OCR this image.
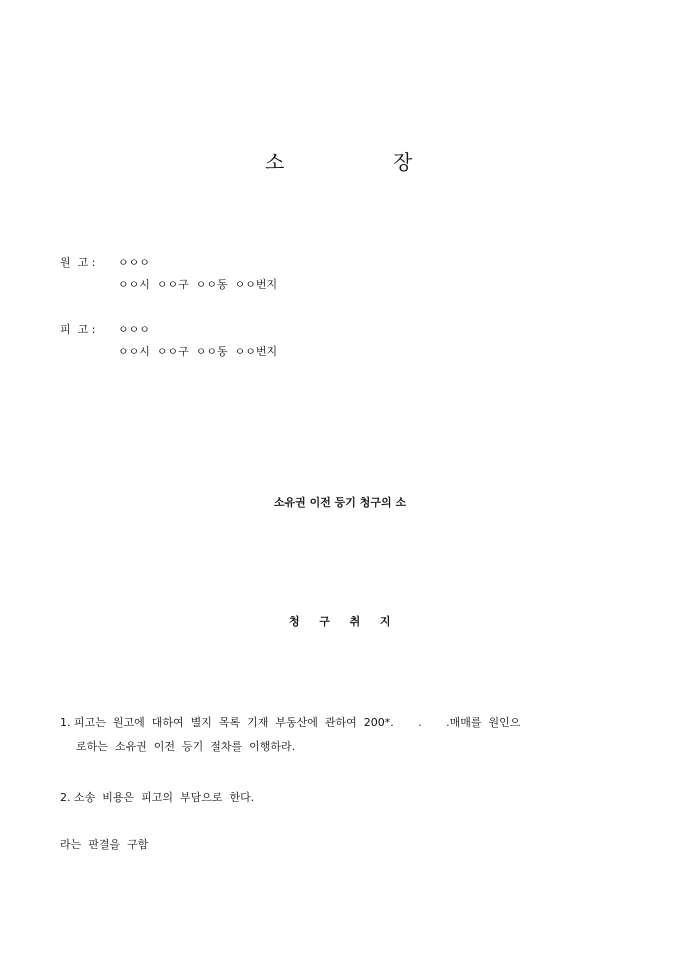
소	장
원  고 : ㅇㅇㅇ
ㅇㅇ시  ㅇㅇ구  ㅇㅇ동  ㅇㅇ번지
피  고 : ㅇㅇㅇ
ㅇㅇ시  ㅇㅇ구  ㅇㅇ동  ㅇㅇ번지
소유권 이전 등기 청구의 소
청  구  취  지
1. 피고는  원고에  대하여  별지  목록  기재  부동산에  관하여  200*.       .       .매매를  원인으
로하는  소유권  이전  등기  절차를  이행하라.
2. 소송  비용은  피고의  부담으로  한다.
라는  판결을  구함
